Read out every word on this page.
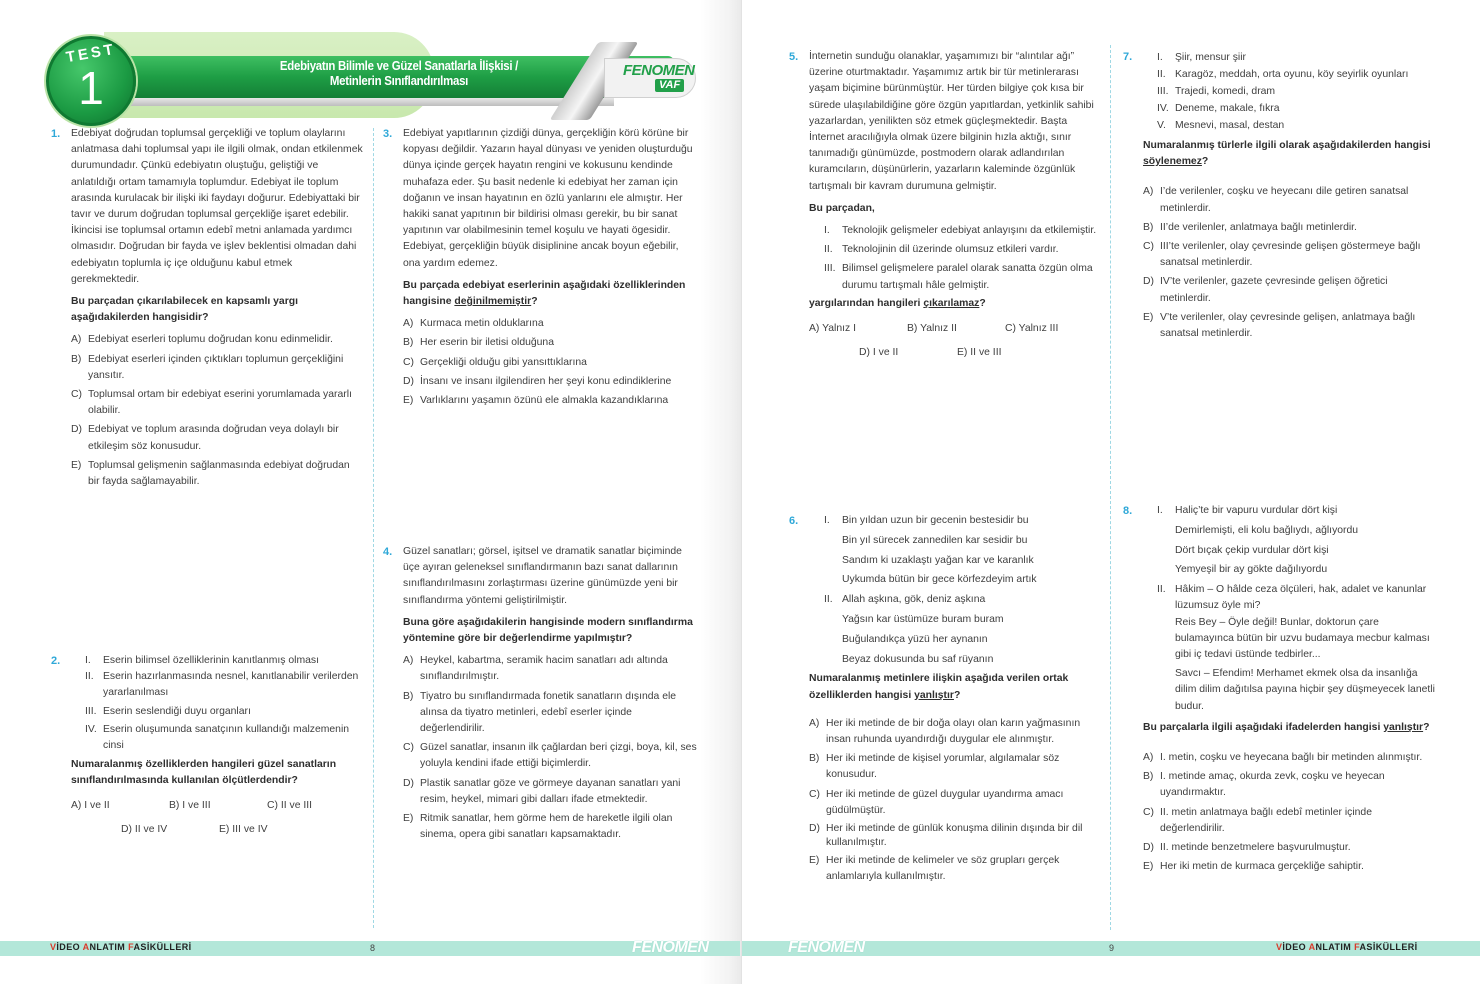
Edebiyatın Bilimle ve Güzel Sanatlarla İlişkisi /
Metinlerin Sınıflandırılması
TEST
1	FENOMEN
VAF
1. Edebiyat doğrudan toplumsal gerçekliği ve toplum olaylarını anlatmasa dahi toplumsal yapı ile ilgili olmak, ondan etkilenmek durumundadır. Çünkü edebiyatın oluştuğu, geliştiği ve anlatıldığı ortam tamamıyla toplumdur. Edebiyat ile toplum arasında kurulacak bir ilişki iki faydayı doğurur. Edebiyattaki bir tavır ve durum doğrudan toplumsal gerçekliğe işaret edebilir. İkincisi ise toplumsal ortamın edebî metni anlamada yardımcı olmasıdır. Doğrudan bir fayda ve işlev beklentisi olmadan dahi edebiyatın toplumla iç içe olduğunu kabul etmek gerekmektedir.

Bu parçadan çıkarılabilecek en kapsamlı yargı aşağıdakilerden hangisidir?

A) Edebiyat eserleri toplumu doğrudan konu edinmelidir.
B) Edebiyat eserleri içinden çıktıkları toplumun gerçekliğini yansıtır.
C) Toplumsal ortam bir edebiyat eserini yorumlamada yararlı olabilir.
D) Edebiyat ve toplum arasında doğrudan veya dolaylı bir etkileşim söz konusudur.
E) Toplumsal gelişmenin sağlanmasında edebiyat doğrudan bir fayda sağlamayabilir.
2. I. Eserin bilimsel özelliklerinin kanıtlanmış olması
II. Eserin hazırlanmasında nesnel, kanıtlanabilir verilerden yararlanılması
III. Eserin seslendiği duyu organları
IV. Eserin oluşumunda sanatçının kullandığı malzemenin cinsi

Numaralanmış özelliklerden hangileri güzel sanatların sınıflandırılmasında kullanılan ölçütlerdendir?

A) I ve II	B) I ve III	C) II ve III
D) II ve IV	E) III ve IV
3. Edebiyat yapıtlarının çizdiği dünya, gerçekliğin körü körüne bir kopyası değildir. Yazarın hayal dünyası ve yeniden oluşturduğu dünya içinde gerçek hayatın rengini ve kokusunu kendinde muhafaza eder. Şu basit nedenle ki edebiyat her zaman için doğanın ve insan hayatının en özlü yanlarını ele almıştır. Her hakiki sanat yapıtının bir bildirisi olması gerekir, bu bir sanat yapıtının var olabilmesinin temel koşulu ve hayati ögesidir. Edebiyat, gerçekliğin büyük disiplinine ancak boyun eğebilir, ona yardım edemez.

Bu parçada edebiyat eserlerinin aşağıdaki özelliklerinden hangisine değinilmemiştir?

A) Kurmaca metin olduklarına
B) Her eserin bir iletisi olduğuna
C) Gerçekliği olduğu gibi yansıttıklarına
D) İnsanı ve insanı ilgilendiren her şeyi konu edindiklerine
E) Varlıklarını yaşamın özünü ele almakla kazandıklarına
4. Güzel sanatları; görsel, işitsel ve dramatik sanatlar biçiminde üçe ayıran geleneksel sınıflandırmanın bazı sanat dallarının sınıflandırılmasını zorlaştırması üzerine günümüzde yeni bir sınıflandırma yöntemi geliştirilmiştir.

Buna göre aşağıdakilerin hangisinde modern sınıflandırma yöntemine göre bir değerlendirme yapılmıştır?

A) Heykel, kabartma, seramik hacim sanatları adı altında sınıflandırılmıştır.
B) Tiyatro bu sınıflandırmada fonetik sanatların dışında ele alınsa da tiyatro metinleri, edebî eserler içinde değerlendirilir.
C) Güzel sanatlar, insanın ilk çağlardan beri çizgi, boya, kil, ses yoluyla kendini ifade ettiği biçimlerdir.
D) Plastik sanatlar göze ve görmeye dayanan sanatları yani resim, heykel, mimari gibi dalları ifade etmektedir.
E) Ritmik sanatlar, hem görme hem de hareketle ilgili olan sinema, opera gibi sanatları kapsamaktadır.
5. İnternetin sunduğu olanaklar, yaşamımızı bir “alıntılar ağı” üzerine oturtmaktadır. Yaşamımız artık bir tür metinlerarası yaşam biçimine bürünmüştür. Her türden bilgiye çok kısa bir sürede ulaşılabildiğine göre özgün yapıtlardan, yetkinlik sahibi yazarlardan, yenilikten söz etmek güçleşmektedir. Başta İnternet aracılığıyla olmak üzere bilginin hızla aktığı, sınır tanımadığı günümüzde, postmodern olarak adlandırılan kuramcıların, düşünürlerin, yazarların kaleminde özgünlük tartışmalı bir kavram durumuna gelmiştir.

Bu parçadan,

I. Teknolojik gelişmeler edebiyat anlayışını da etkilemiştir.
II. Teknolojinin dil üzerinde olumsuz etkileri vardır.
III. Bilimsel gelişmelere paralel olarak sanatta özgün olma durumu tartışmalı hâle gelmiştir.

yargılarından hangileri çıkarılamaz?

A) Yalnız I	B) Yalnız II	C) Yalnız III
D) I ve II	E) II ve III
6. I. Bin yıldan uzun bir gecenin bestesidir bu
Bin yıl sürecek zannedilen kar sesidir bu
Sandım ki uzaklaştı yağan kar ve karanlık
Uykumda bütün bir gece körfezdeyim artık
II. Allah aşkına, gök, deniz aşkına
Yağsın kar üstümüze buram buram
Buğulandıkça yüzü her aynanın
Beyaz dokusunda bu saf rüyanın

Numaralanmış metinlere ilişkin aşağıda verilen ortak özelliklerden hangisi yanlıştır?

A) Her iki metinde de bir doğa olayı olan karın yağmasının insan ruhunda uyandırdığı duygular ele alınmıştır.
B) Her iki metinde de kişisel yorumlar, algılamalar söz konusudur.
C) Her iki metinde de güzel duygular uyandırma amacı güdülmüştür.
D) Her iki metinde de günlük konuşma dilinin dışında bir dil kullanılmıştır.
E) Her iki metinde de kelimeler ve söz grupları gerçek anlamlarıyla kullanılmıştır.
7. I. Şiir, mensur şiir
II. Karagöz, meddah, orta oyunu, köy seyirlik oyunları
III. Trajedi, komedi, dram
IV. Deneme, makale, fıkra
V. Mesnevi, masal, destan

Numaralanmış türlerle ilgili olarak aşağıdakilerden hangisi söylenemez?

A) I’de verilenler, coşku ve heyecanı dile getiren sanatsal metinlerdir.
B) II’de verilenler, anlatmaya bağlı metinlerdir.
C) III’te verilenler, olay çevresinde gelişen göstermeye bağlı sanatsal metinlerdir.
D) IV’te verilenler, gazete çevresinde gelişen öğretici metinlerdir.
E) V’te verilenler, olay çevresinde gelişen, anlatmaya bağlı sanatsal metinlerdir.
8. I. Haliç’te bir vapuru vurdular dört kişi
Demirlemişti, eli kolu bağlıydı, ağlıyordu
Dört bıçak çekip vurdular dört kişi
Yemyeşil bir ay gökte dağılıyordu
II. Hâkim – O hâlde ceza ölçüleri, hak, adalet ve kanunlar lüzumsuz öyle mi?
Reis Bey – Öyle değil! Bunlar, doktorun çare bulamayınca bütün bir uzvu budamaya mecbur kalması gibi iç tedavi üstünde tedbirler...
Savcı – Efendim! Merhamet ekmek olsa da insanlığa dilim dilim dağıtılsa payına hiçbir şey düşmeyecek lanetli budur.

Bu parçalarla ilgili aşağıdaki ifadelerden hangisi yanlıştır?

A) I. metin, coşku ve heyecana bağlı bir metinden alınmıştır.
B) I. metinde amaç, okurda zevk, coşku ve heyecan uyandırmaktır.
C) II. metin anlatmaya bağlı edebî metinler içinde değerlendirilir.
D) II. metinde benzetmelere başvurulmuştur.
E) Her iki metin de kurmaca gerçekliğe sahiptir.
VİDEO ANLATIM FASİKÜLLERİ	8	FENOMEN	FENOMEN	9	VİDEO ANLATIM FASİKÜLLERİ
